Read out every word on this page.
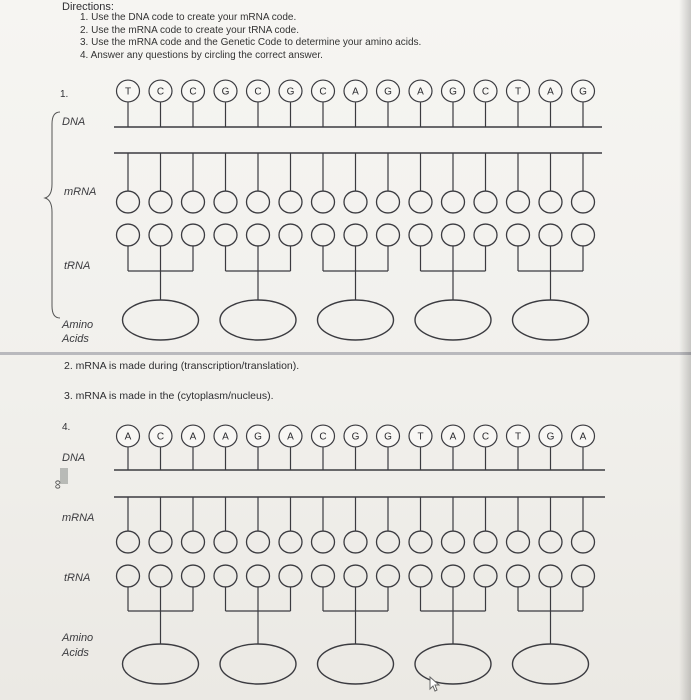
Directions:
1. Use the DNA code to create your mRNA code.
2. Use the mRNA code to create your tRNA code.
3. Use the mRNA code and the Genetic Code to determine your amino acids.
4. Answer any questions by circling the correct answer.
1.
DNA
mRNA
tRNA
Amino
Acids
T	C	C G C G C	A	G	A	G C	T	A	G
2. mRNA is made during (transcription/translation).
3. mRNA is made in the (cytoplasm/nucleus).
4.
DNA
∞
mRNA
tRNA
Amino
Acids
A	C	A	A	G	A	C G G	T	A	C	T	G	A
